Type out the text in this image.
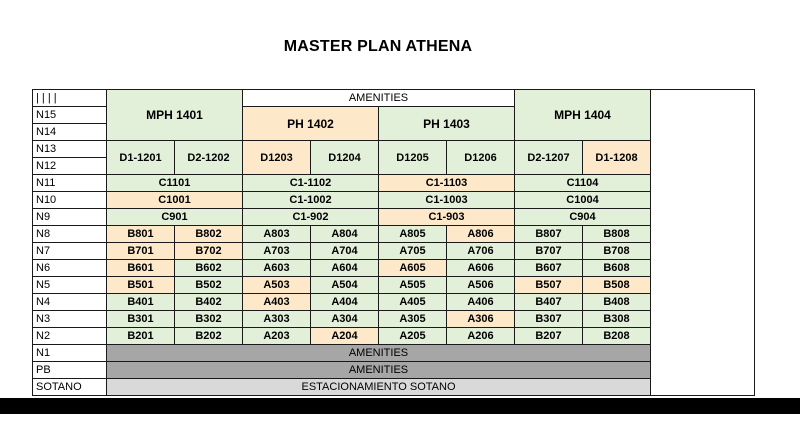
MASTER PLAN ATHENA
| | | |	MPH 1401		AMENITIES				MPH 1404		
N15			PH 1402		PH 1403				
N14									
N13	D1-1201	D2-1202	D1203	D1204	D1205	D1206	D2-1207	D1-1208	
N12									
N11	C1101		C1-1102		C1-1103		C1104		
N10	C1001		C1-1002		C1-1003		C1004		
N9	C901		C1-902		C1-903		C904		
N8	B801	B802	A803	A804	A805	A806	B807	B808	
N7	B701	B702	A703	A704	A705	A706	B707	B708	
N6	B601	B602	A603	A604	A605	A606	B607	B608	
N5	B501	B502	A503	A504	A505	A506	B507	B508	
N4	B401	B402	A403	A404	A405	A406	B407	B408	
N3	B301	B302	A303	A304	A305	A306	B307	B308	
N2	B201	B202	A203	A204	A205	A206	B207	B208	
N1	AMENITIES								
PB	AMENITIES								
SOTANO	ESTACIONAMIENTO SOTANO								
